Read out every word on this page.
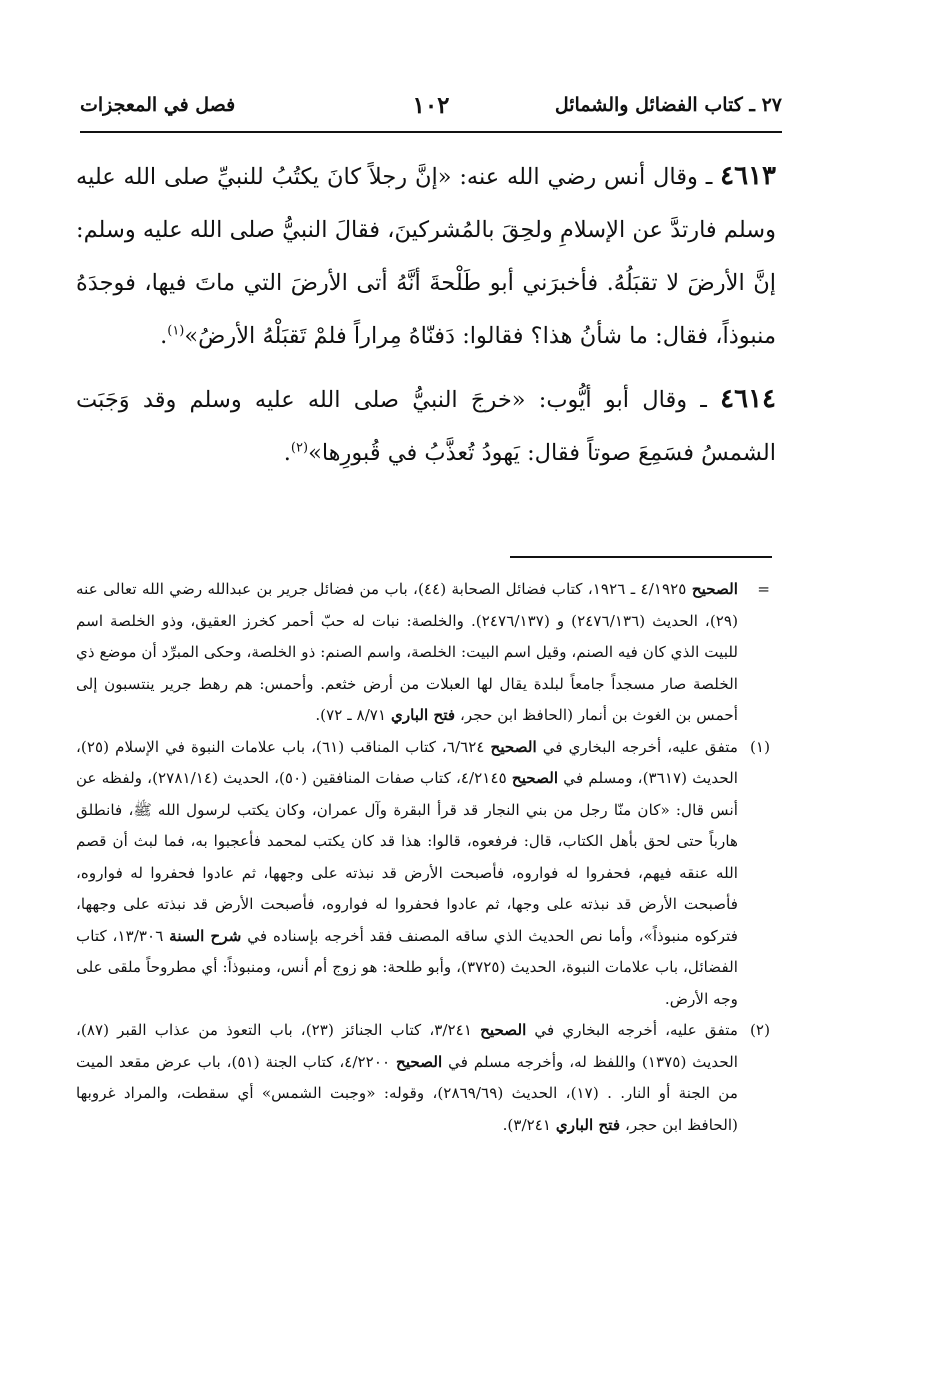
٢٧ ـ كتاب الفضائل والشمائل
١٠٢
فصل في المعجزات

٤٦١٣ ـ وقال أنس رضي الله عنه: «إنَّ رجلاً كانَ يكتُبُ للنبيِّ صلى الله عليه وسلم فارتدَّ عن الإسلامِ ولحِقَ بالمُشركينَ، فقالَ النبيُّ صلى الله عليه وسلم: إنَّ الأرضَ لا تقبَلُهُ. فأخبرَني أبو طَلْحةَ أنَّهُ أتى الأرضَ التي ماتَ فيها، فوجدَهُ منبوذاً، فقال: ما شأنُ هذا؟ فقالوا: دَفنّاهُ مِراراً فلمْ تَقبَلْهُ الأرضُ»$^{(١)}$.

٤٦١٤ ـ وقال أبو أيُّوب: «خرجَ النبيُّ صلى الله عليه وسلم وقد وَجَبَت الشمسُ فسَمِعَ صوتاً فقال: يَهودُ تُعذَّبُ في قُبورِها»$^{(٢)}$.

=
الصحيح ٤/١٩٢٥ ـ ١٩٢٦، كتاب فضائل الصحابة (٤٤)، باب من فضائل جرير بن عبدالله رضي الله تعالى عنه (٢٩)، الحديث (٢٤٧٦/١٣٦) و (٢٤٧٦/١٣٧). والخلصة: نبات له حبّ أحمر كخرز العقيق، وذو الخلصة اسم للبيت الذي كان فيه الصنم، وقيل اسم البيت: الخلصة، واسم الصنم: ذو الخلصة، وحكى المبرِّد أن موضع ذي الخلصة صار مسجداً جامعاً لبلدة يقال لها العبلات من أرض خثعم. وأحمس: هم رهط جرير ينتسبون إلى أحمس بن الغوث بن أنمار (الحافظ ابن حجر، فتح الباري ٨/٧١ ـ ٧٢).

(١)
متفق عليه، أخرجه البخاري في الصحيح ٦/٦٢٤، كتاب المناقب (٦١)، باب علامات النبوة في الإسلام (٢٥)، الحديث (٣٦١٧)، ومسلم في الصحيح ٤/٢١٤٥، كتاب صفات المنافقين (٥٠)، الحديث (٢٧٨١/١٤)، ولفظه عن أنس قال: «كان منّا رجل من بني النجار قد قرأ البقرة وآل عمران، وكان يكتب لرسول الله ﷺ، فانطلق هارباً حتى لحق بأهل الكتاب، قال: فرفعوه، قالوا: هذا قد كان يكتب لمحمد فأعجبوا به، فما لبث أن قصم الله عنقه فيهم، فحفروا له فواروه، فأصبحت الأرض قد نبذته على وجهها، ثم عادوا فحفروا له فواروه، فأصبحت الأرض قد نبذته على وجها، ثم عادوا فحفروا له فواروه، فأصبحت الأرض قد نبذته على وجهها، فتركوه منبوذاً»، وأما نص الحديث الذي ساقه المصنف فقد أخرجه بإسناده في شرح السنة ١٣/٣٠٦، كتاب الفضائل، باب علامات النبوة، الحديث (٣٧٢٥)، وأبو طلحة: هو زوج أم أنس، ومنبوذاً: أي مطروحاً ملقى على وجه الأرض.

(٢)
متفق عليه، أخرجه البخاري في الصحيح ٣/٢٤١، كتاب الجنائز (٢٣)، باب التعوذ من عذاب القبر (٨٧)، الحديث (١٣٧٥) واللفظ له، وأخرجه مسلم في الصحيح ٤/٢٢٠٠، كتاب الجنة (٥١)، باب عرض مقعد الميت من الجنة أو النار. . (١٧)، الحديث (٢٨٦٩/٦٩)، وقوله: «وجبت الشمس» أي سقطت، والمراد غروبها (الحافظ ابن حجر، فتح الباري ٣/٢٤١).
